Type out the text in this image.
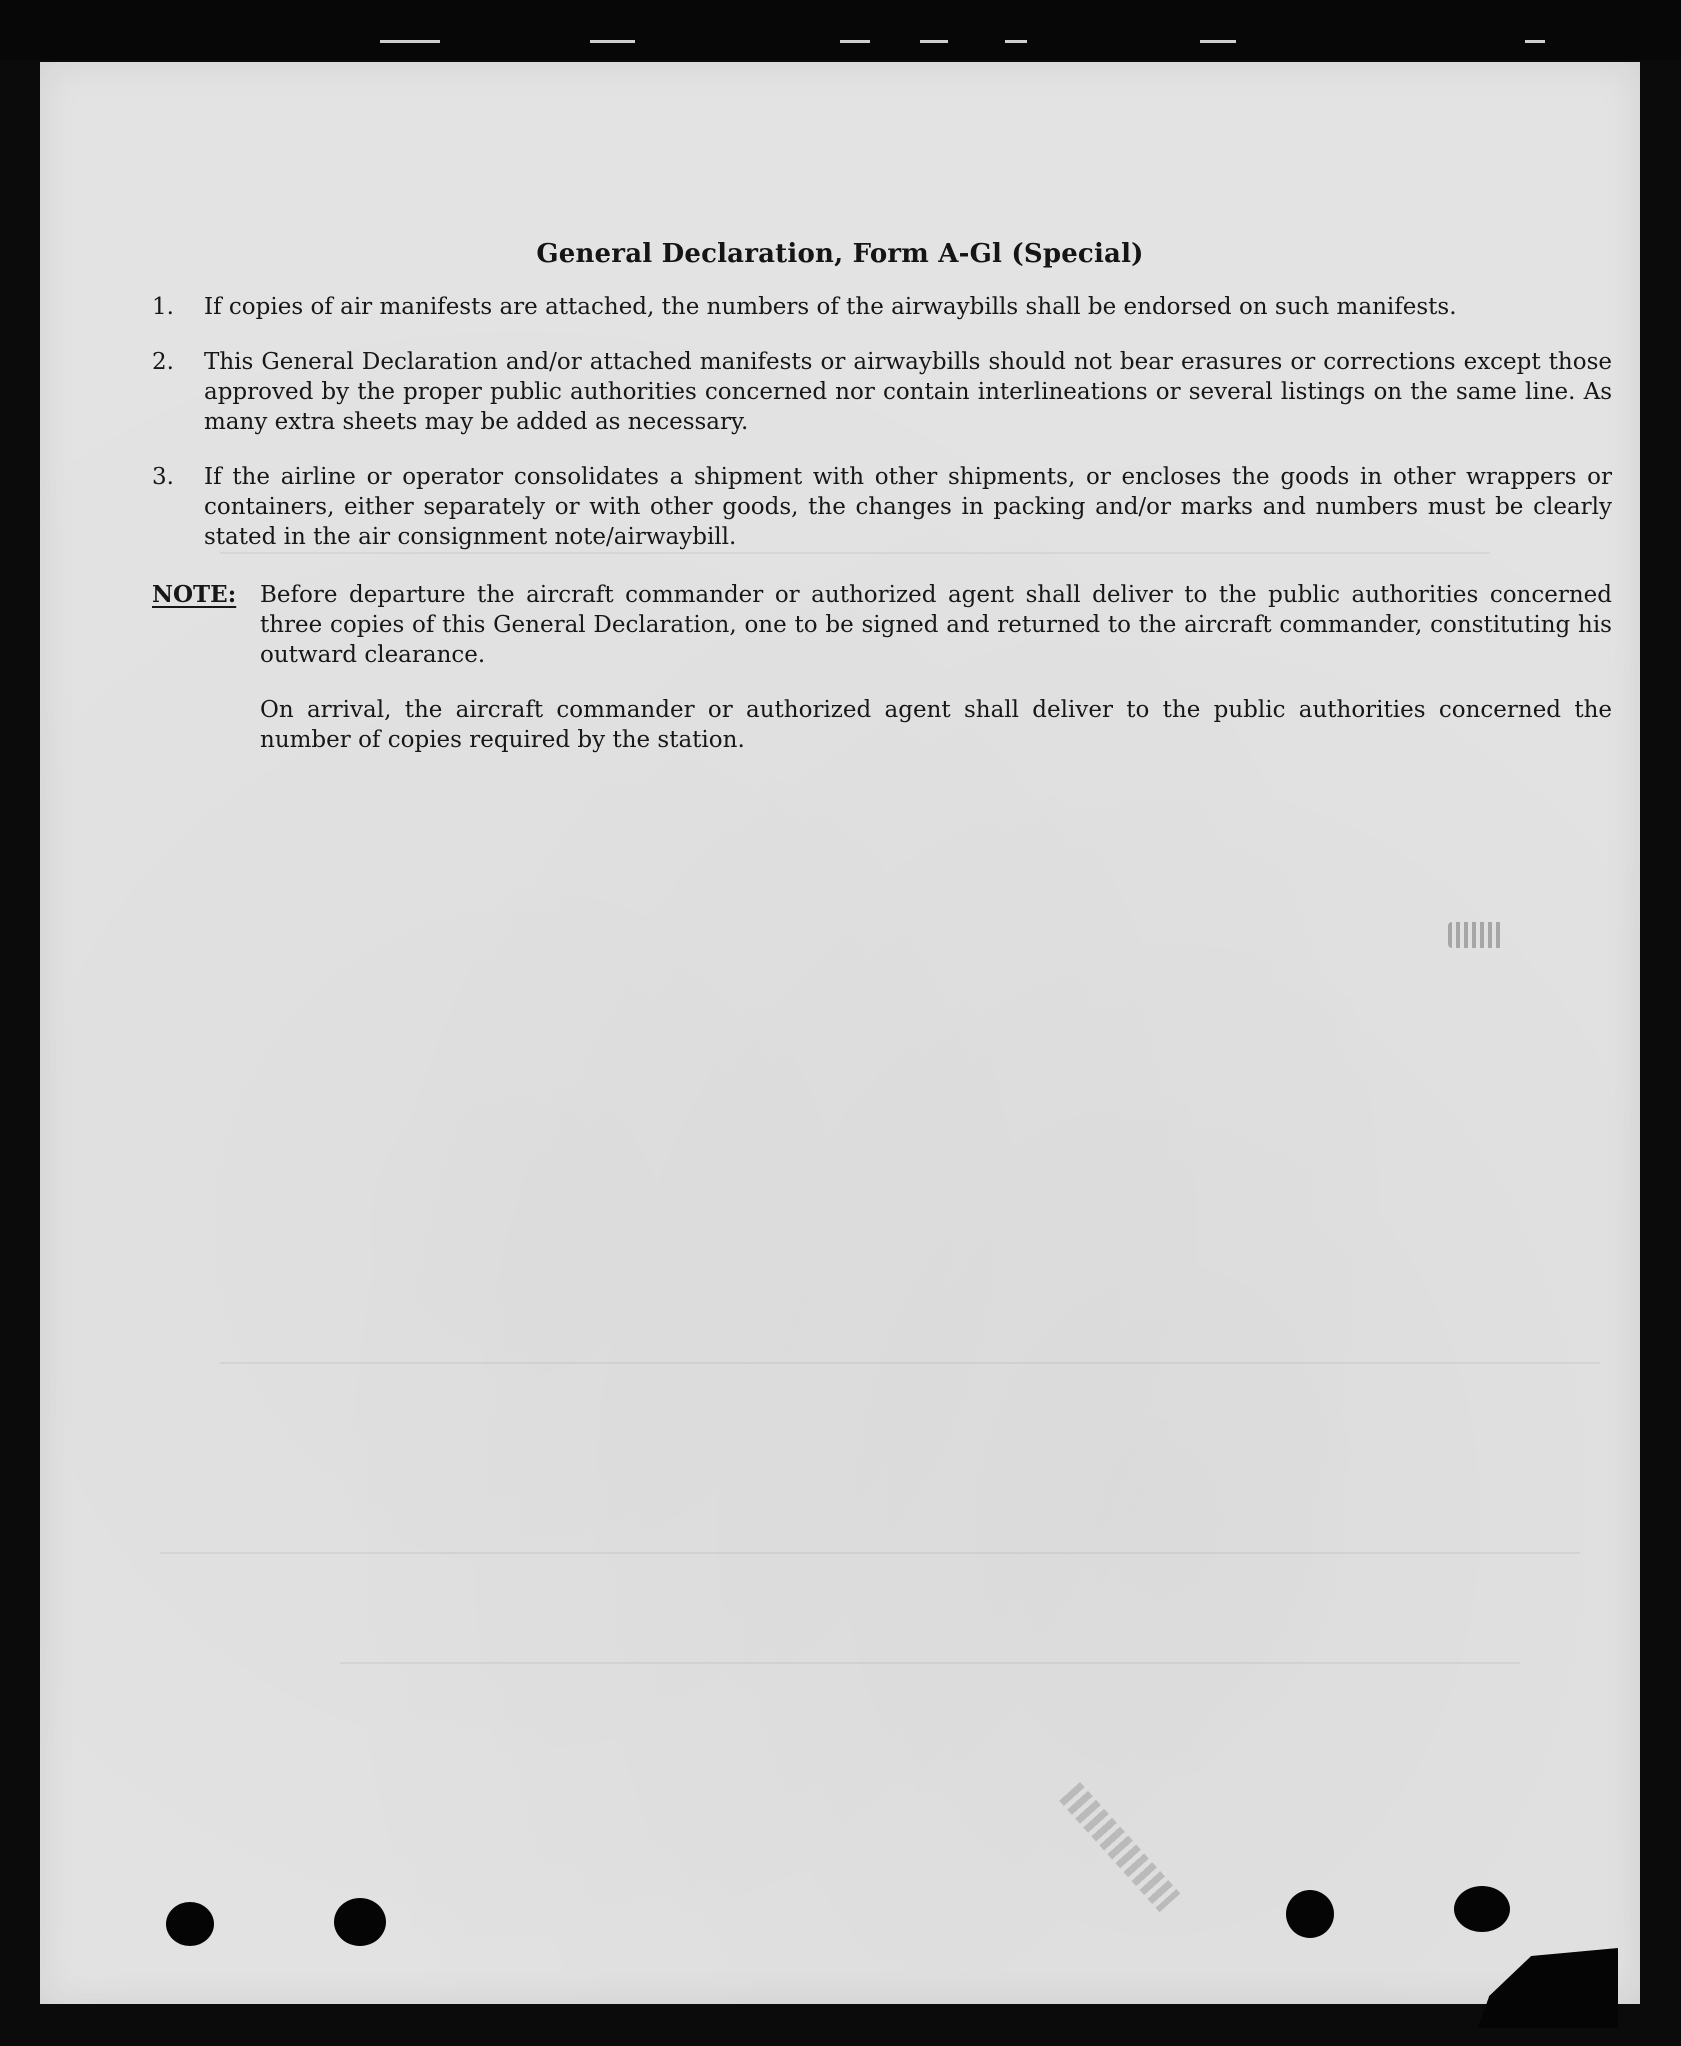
General Declaration, Form A-Gl (Special)
1. If copies of air manifests are attached, the numbers of the airwaybills shall be endorsed on such manifests.
2. This General Declaration and/or attached manifests or airwaybills should not bear erasures or corrections except those approved by the proper public authorities concerned nor contain interlineations or several listings on the same line. As many extra sheets may be added as necessary.
3. If the airline or operator consolidates a shipment with other shipments, or encloses the goods in other wrappers or containers, either separately or with other goods, the changes in packing and/or marks and numbers must be clearly stated in the air consignment note/airwaybill.
NOTE: Before departure the aircraft commander or authorized agent shall deliver to the public authorities concerned three copies of this General Declaration, one to be signed and returned to the aircraft commander, constituting his outward clearance.

On arrival, the aircraft commander or authorized agent shall deliver to the public authorities concerned the number of copies required by the station.
